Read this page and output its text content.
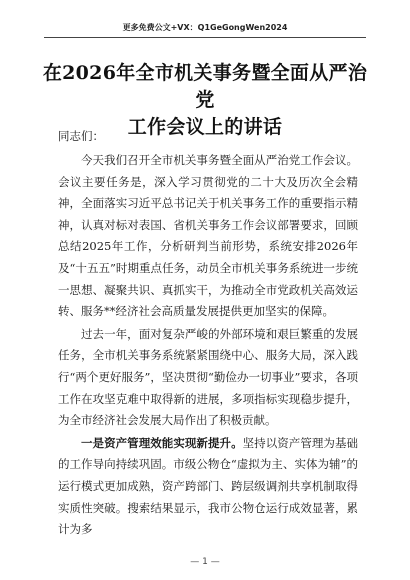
更多免费公文+VX：Q1GeGongWen2024
在2026年全市机关事务暨全面从严治党
工作会议上的讲话
同志们：

今天我们召开全市机关事务暨全面从严治党工作会议。会议主要任务是，深入学习贯彻党的二十大及历次全会精神，全面落实习近平总书记关于机关事务工作的重要指示精神，认真对标对表国、省机关事务工作会议部署要求，回顾总结2025年工作，分析研判当前形势，系统安排2026年及“十五五”时期重点任务，动员全市机关事务系统进一步统一思想、凝聚共识、真抓实干，为推动全市党政机关高效运转、服务**经济社会高质量发展提供更加坚实的保障。

过去一年，面对复杂严峻的外部环境和艰巨繁重的发展任务，全市机关事务系统紧紧围绕中心、服务大局，深入践行“两个更好服务”，坚决贯彻“勤俭办一切事业”要求，各项工作在攻坚克难中取得新的进展，多项指标实现稳步提升，为全市经济社会发展大局作出了积极贡献。

一是资产管理效能实现新提升。坚持以资产管理为基础的工作导向持续巩固。市级公物仓“虚拟为主、实体为辅”的运行模式更加成熟，资产跨部门、跨层级调剂共享机制取得实质性突破。搜索结果显示，我市公物仓运行成效显著，累计为多

— 1 —
